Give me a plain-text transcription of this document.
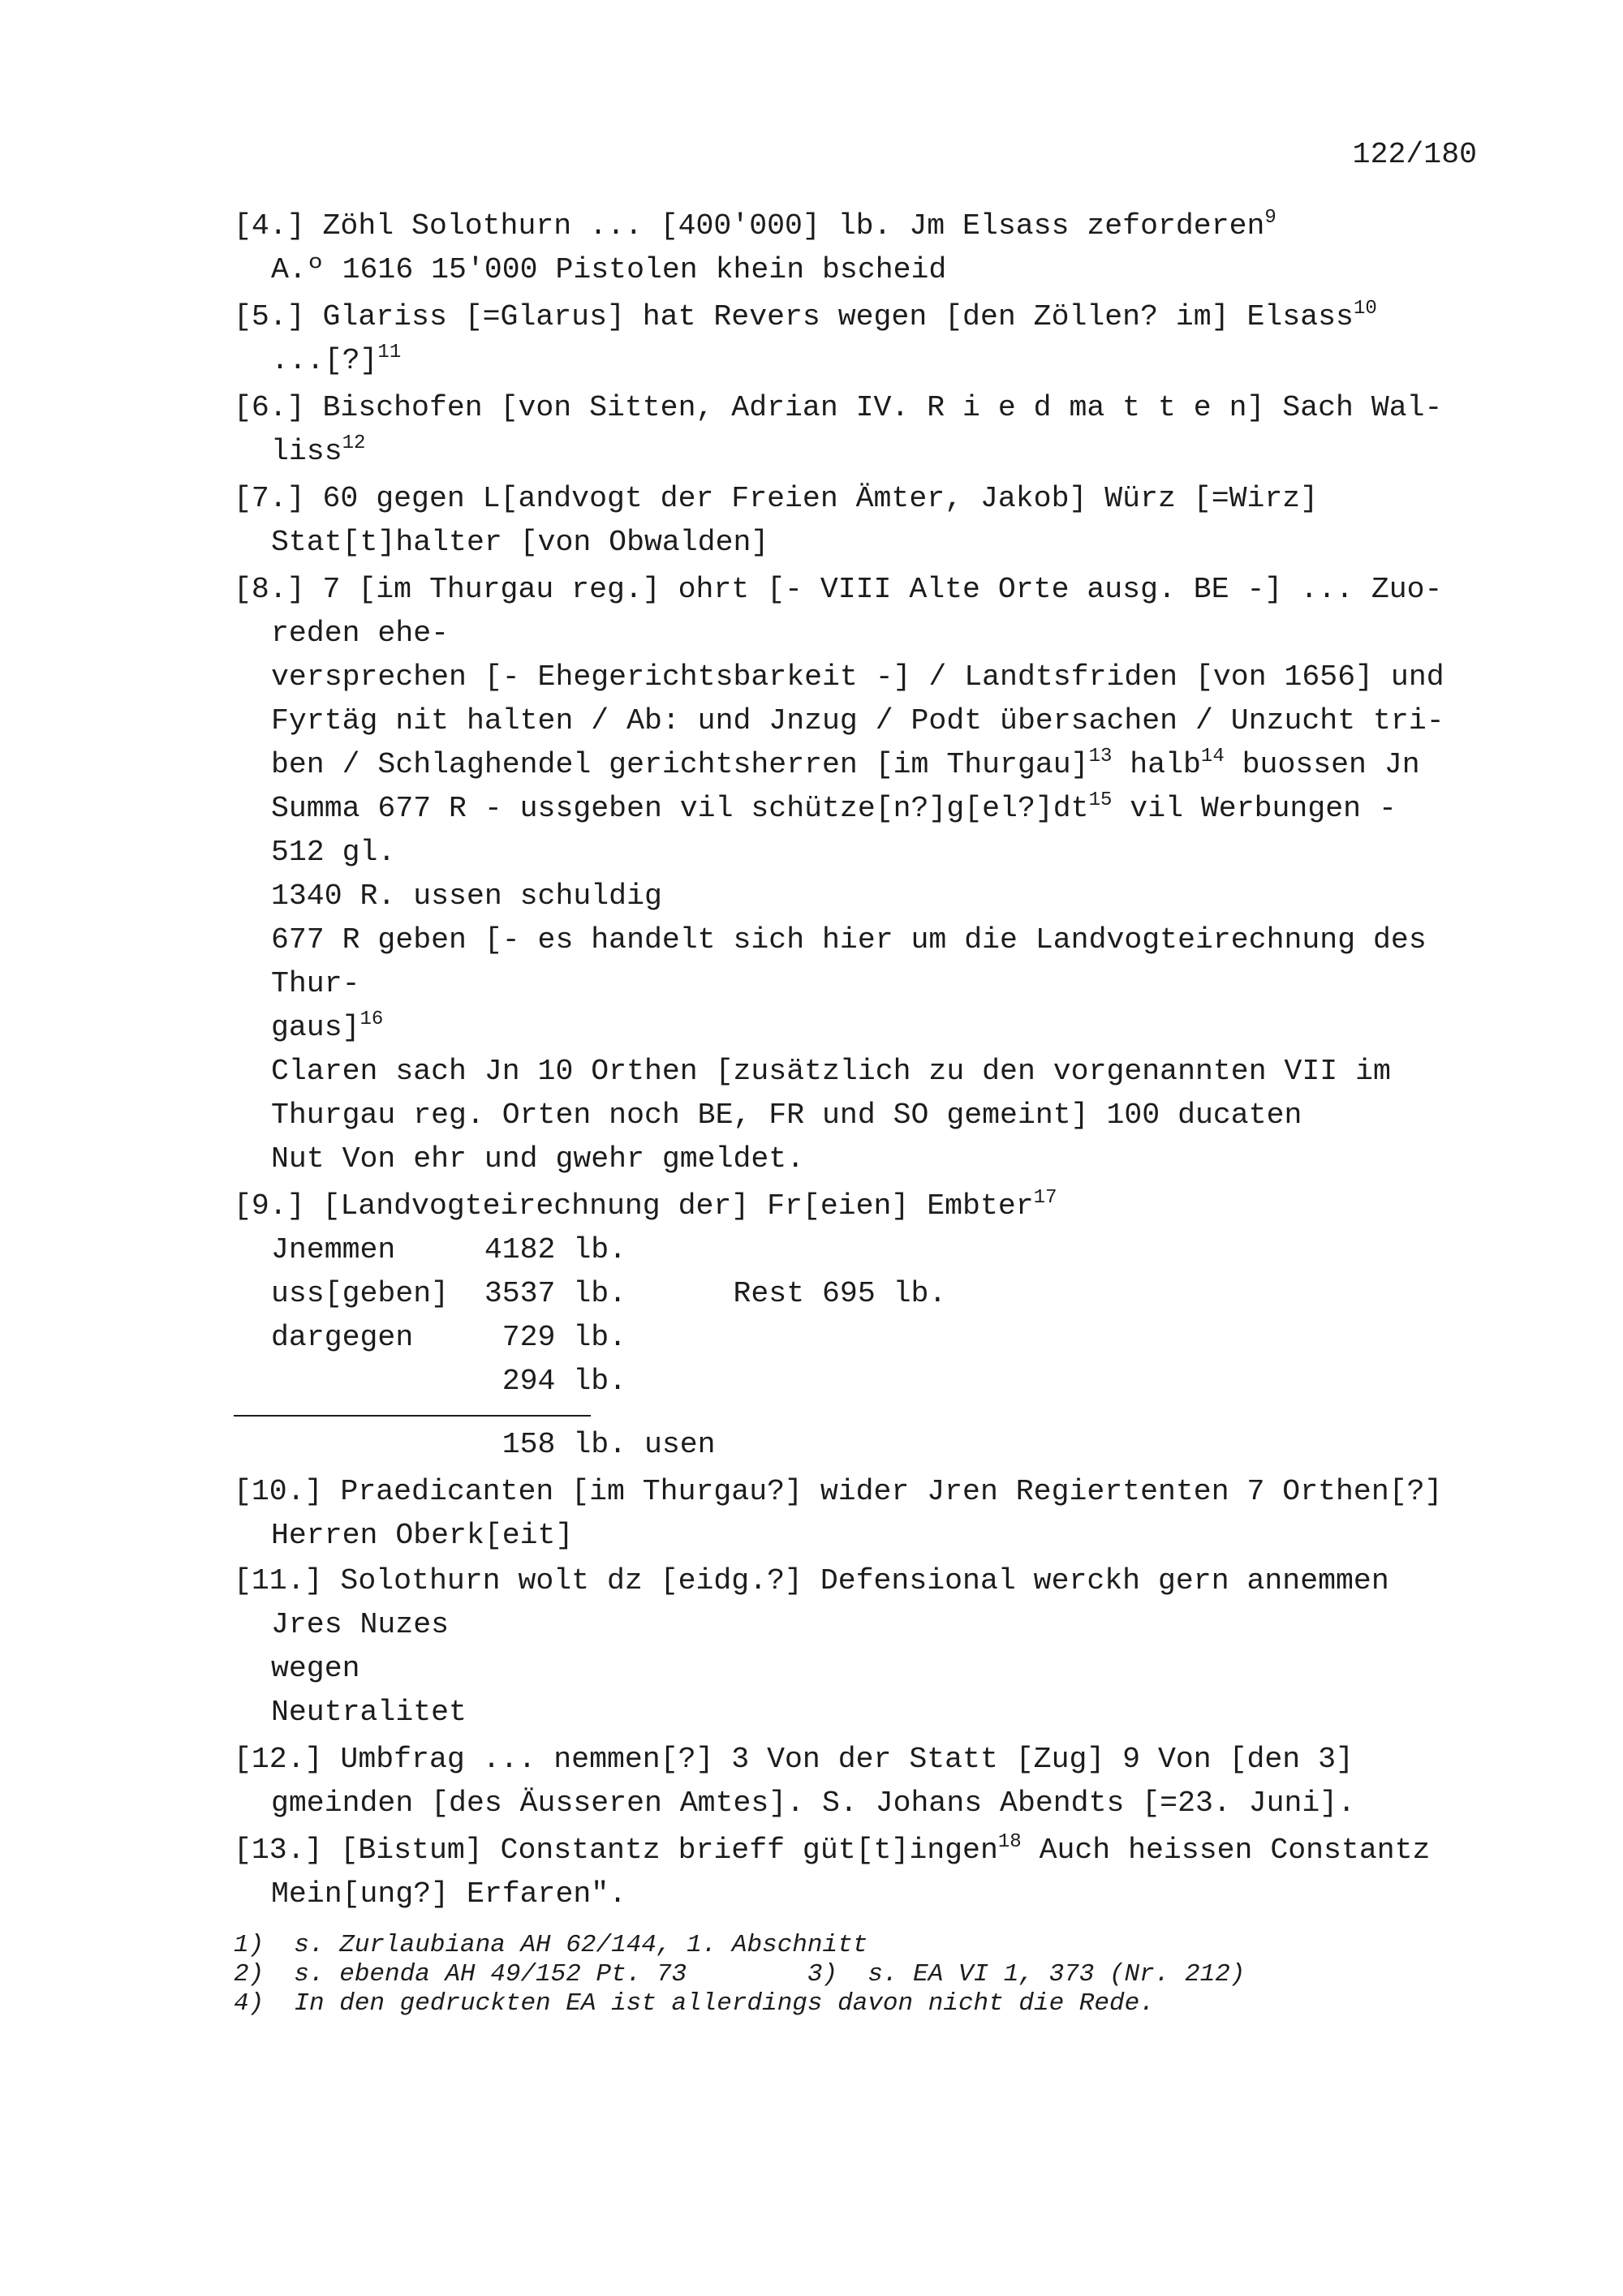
122/180
[4.] Zöhl Solothurn ... [400'000] lb. Jm Elsass zeforderen$^9$
A.º 1616 15'000 Pistolen khein bscheid
[5.] Glariss [=Glarus] hat Revers wegen [den Zöllen? im] Elsass$^{10}$
...[?]$^{11}$
[6.] Bischofen [von Sitten, Adrian IV. R i e d ma t t e n] Sach Wal-
liss$^{12}$
[7.] 60 gegen L[andvogt der Freien Ämter, Jakob] Würz [=Wirz]
Stat[t]halter [von Obwalden]
[8.] 7 [im Thurgau reg.] ohrt [- VIII Alte Orte ausg. BE -] ... Zuo-
reden ehe-
versprechen [- Ehegerichtsbarkeit -] / Landtsfriden [von 1656] und
Fyrtäg nit halten / Ab: und Jnzug / Podt übersachen / Unzucht tri-
ben / Schlaghendel gerichtsherren [im Thurgau]$^{13}$ halb$^{14}$ buossen Jn
Summa 677 R - ussgeben vil $schütze[n?]g[el?]dt^{15}$ vil Werbungen -
512 gl.
1340 R. ussen schuldig
677 R geben [- es handelt sich hier um die Landvogteirechnung des
Thur-
gaus]$^{16}$
Claren sach Jn 10 Orthen [zusätzlich zu den vorgenannten VII im
Thurgau reg. Orten noch BE, FR und SO gemeint] 100 ducaten
Nut Von ehr und gwehr gmeldet.
[9.] [Landvogteirechnung der] Fr[eien] Embter$^{17}$
Jnemmen     4182 lb.
uss[geben]  3537 lb.      Rest 695 lb.
dargegen     729 lb.
294 lb.
158 lb. usen
[10.] Praedicanten [im Thurgau?] wider Jren Regiertenten 7 Orthen[?]
Herren Oberk[eit]
[11.] Solothurn wolt dz [eidg.?] Defensional werckh gern annemmen
Jres Nuzes
wegen
Neutralitet
[12.] Umbfrag ... nemmen[?] 3 Von der Statt [Zug] 9 Von [den 3]
gmeinden [des Äusseren Amtes]. S. Johans Abendts [=23. Juni].
[13.] [Bistum] Constantz brieff güt[t]ingen$^{18}$ Auch heissen Constantz
Mein[ung?] Erfaren".
1)  s. Zurlaubiana AH 62/144, 1. Abschnitt
2)  s. ebenda AH 49/152 Pt. 73        3)  s. EA VI 1, 373 (Nr. 212)
4)  In den gedruckten EA ist allerdings davon nicht die Rede.
